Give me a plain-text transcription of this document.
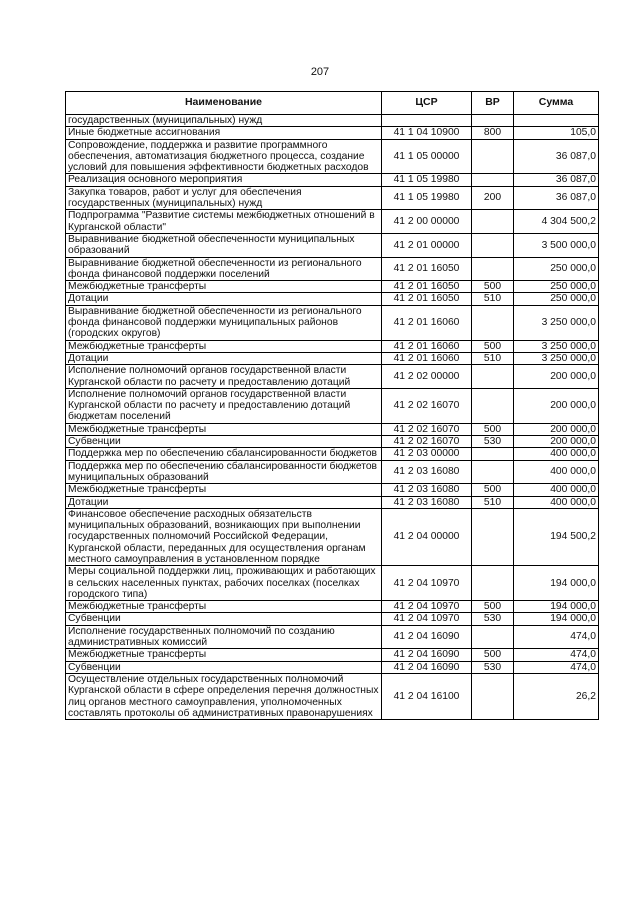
207
Наименование	ЦСР	ВР	Сумма
государственных (муниципальных) нужд			
Иные бюджетные ассигнования	41 1 04 10900	800	105,0
Сопровождение, поддержка и развитие программного обеспечения, автоматизация бюджетного процесса, создание условий для повышения эффективности бюджетных расходов	41 1 05 00000		36 087,0
Реализация основного мероприятия	41 1 05 19980		36 087,0
Закупка товаров, работ и услуг для обеспечения государственных (муниципальных) нужд	41 1 05 19980	200	36 087,0
Подпрограмма "Развитие системы межбюджетных отношений в Курганской области"	41 2 00 00000		4 304 500,2
Выравнивание бюджетной обеспеченности муниципальных образований	41 2 01 00000		3 500 000,0
Выравнивание бюджетной обеспеченности из регионального фонда финансовой поддержки поселений	41 2 01 16050		250 000,0
Межбюджетные трансферты	41 2 01 16050	500	250 000,0
Дотации	41 2 01 16050	510	250 000,0
Выравнивание бюджетной обеспеченности из регионального фонда финансовой поддержки муниципальных районов (городских округов)	41 2 01 16060		3 250 000,0
Межбюджетные трансферты	41 2 01 16060	500	3 250 000,0
Дотации	41 2 01 16060	510	3 250 000,0
Исполнение полномочий органов государственной власти Курганской области по расчету и предоставлению дотаций	41 2 02 00000		200 000,0
Исполнение полномочий органов государственной власти Курганской области по расчету и предоставлению дотаций бюджетам поселений	41 2 02 16070		200 000,0
Межбюджетные трансферты	41 2 02 16070	500	200 000,0
Субвенции	41 2 02 16070	530	200 000,0
Поддержка мер по обеспечению сбалансированности бюджетов	41 2 03 00000		400 000,0
Поддержка мер по обеспечению сбалансированности бюджетов муниципальных образований	41 2 03 16080		400 000,0
Межбюджетные трансферты	41 2 03 16080	500	400 000,0
Дотации	41 2 03 16080	510	400 000,0
Финансовое обеспечение расходных обязательств муниципальных образований, возникающих при выполнении государственных полномочий Российской Федерации, Курганской области, переданных для осуществления органам местного самоуправления в установленном порядке	41 2 04 00000		194 500,2
Меры социальной поддержки лиц, проживающих и работающих в сельских населенных пунктах, рабочих поселках (поселках городского типа)	41 2 04 10970		194 000,0
Межбюджетные трансферты	41 2 04 10970	500	194 000,0
Субвенции	41 2 04 10970	530	194 000,0
Исполнение государственных полномочий по созданию административных комиссий	41 2 04 16090		474,0
Межбюджетные трансферты	41 2 04 16090	500	474,0
Субвенции	41 2 04 16090	530	474,0
Осуществление отдельных государственных полномочий Курганской области в сфере определения перечня должностных лиц органов местного самоуправления, уполномоченных составлять протоколы об административных правонарушениях	41 2 04 16100		26,2
